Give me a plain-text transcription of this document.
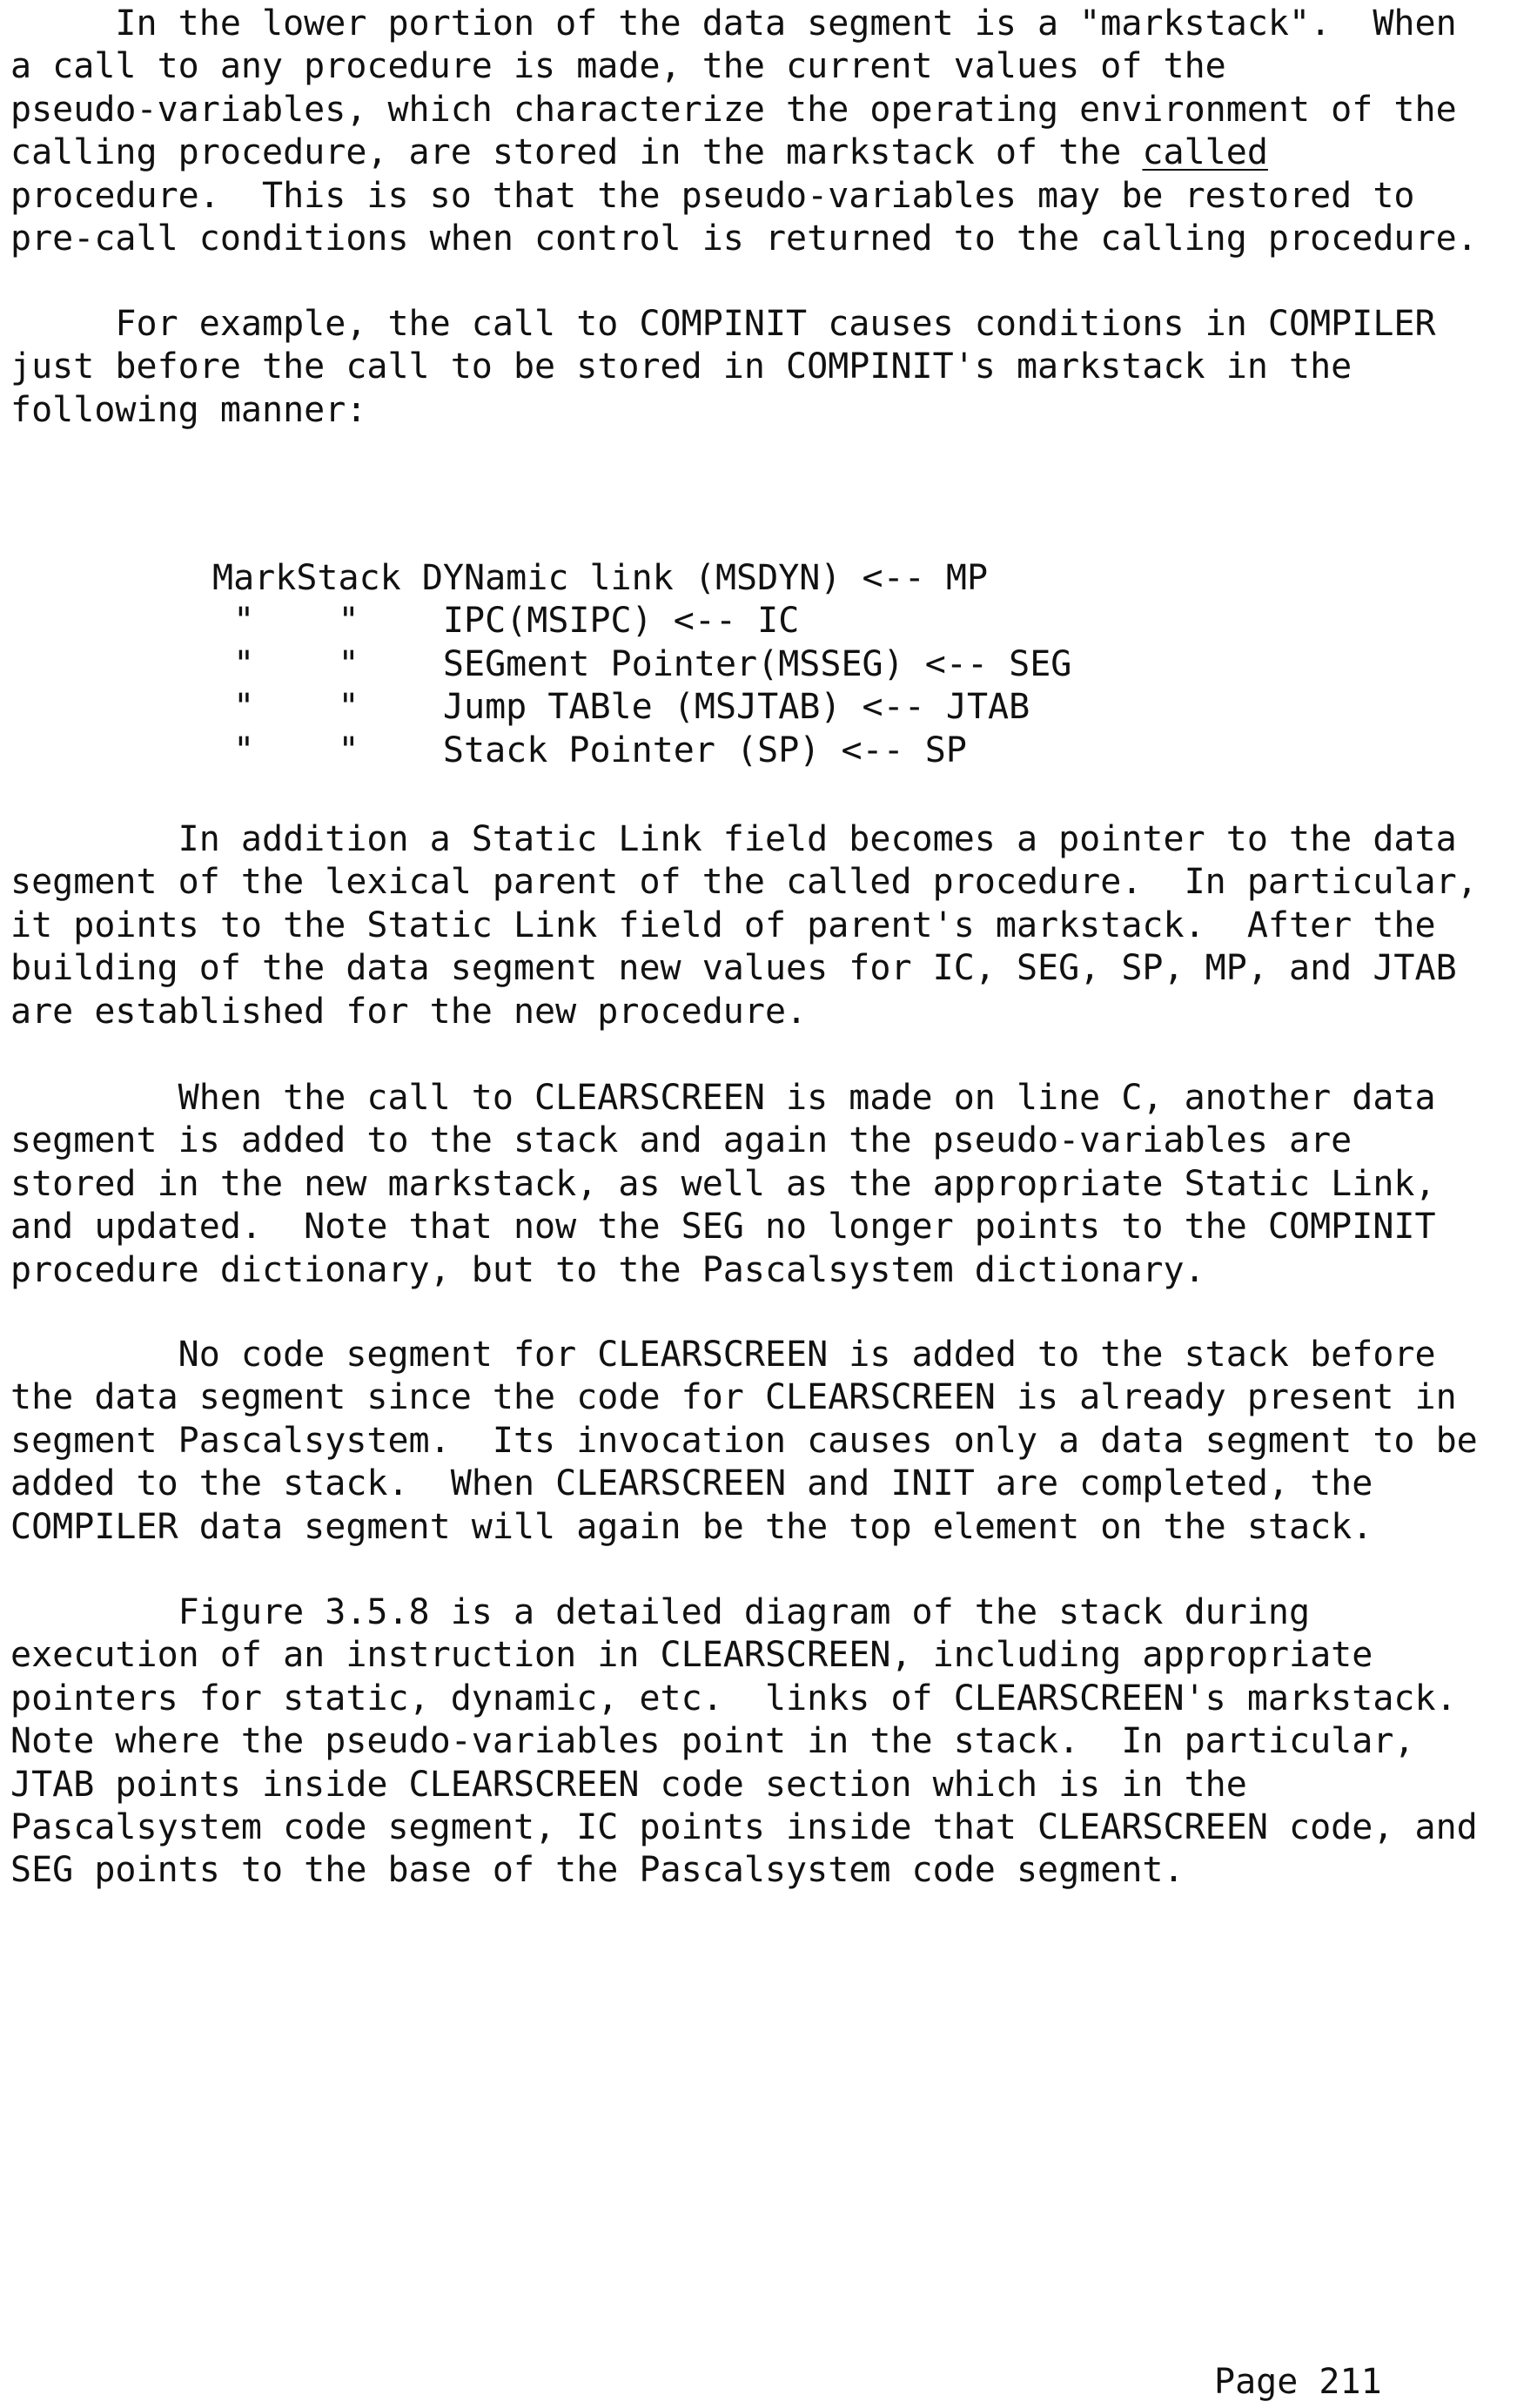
In the lower portion of the data segment is a "markstack".  When
a call to any procedure is made, the current values of the
pseudo-variables, which characterize the operating environment of the
calling procedure, are stored in the markstack of the called
procedure.  This is so that the pseudo-variables may be restored to
pre-call conditions when control is returned to the calling procedure.
For example, the call to COMPINIT causes conditions in COMPILER
just before the call to be stored in COMPINIT's markstack in the
following manner:
MarkStack DYNamic link (MSDYN) <-- MP
"    "    IPC(MSIPC) <-- IC
"    "    SEGment Pointer(MSSEG) <-- SEG
"    "    Jump TABle (MSJTAB) <-- JTAB
"    "    Stack Pointer (SP) <-- SP
In addition a Static Link field becomes a pointer to the data
segment of the lexical parent of the called procedure.  In particular,
it points to the Static Link field of parent's markstack.  After the
building of the data segment new values for IC, SEG, SP, MP, and JTAB
are established for the new procedure.
When the call to CLEARSCREEN is made on line C, another data
segment is added to the stack and again the pseudo-variables are
stored in the new markstack, as well as the appropriate Static Link,
and updated.  Note that now the SEG no longer points to the COMPINIT
procedure dictionary, but to the Pascalsystem dictionary.
No code segment for CLEARSCREEN is added to the stack before
the data segment since the code for CLEARSCREEN is already present in
segment Pascalsystem.  Its invocation causes only a data segment to be
added to the stack.  When CLEARSCREEN and INIT are completed, the
COMPILER data segment will again be the top element on the stack.
Figure 3.5.8 is a detailed diagram of the stack during
execution of an instruction in CLEARSCREEN, including appropriate
pointers for static, dynamic, etc.  links of CLEARSCREEN's markstack.
Note where the pseudo-variables point in the stack.  In particular,
JTAB points inside CLEARSCREEN code section which is in the
Pascalsystem code segment, IC points inside that CLEARSCREEN code, and
SEG points to the base of the Pascalsystem code segment.
Page 211
